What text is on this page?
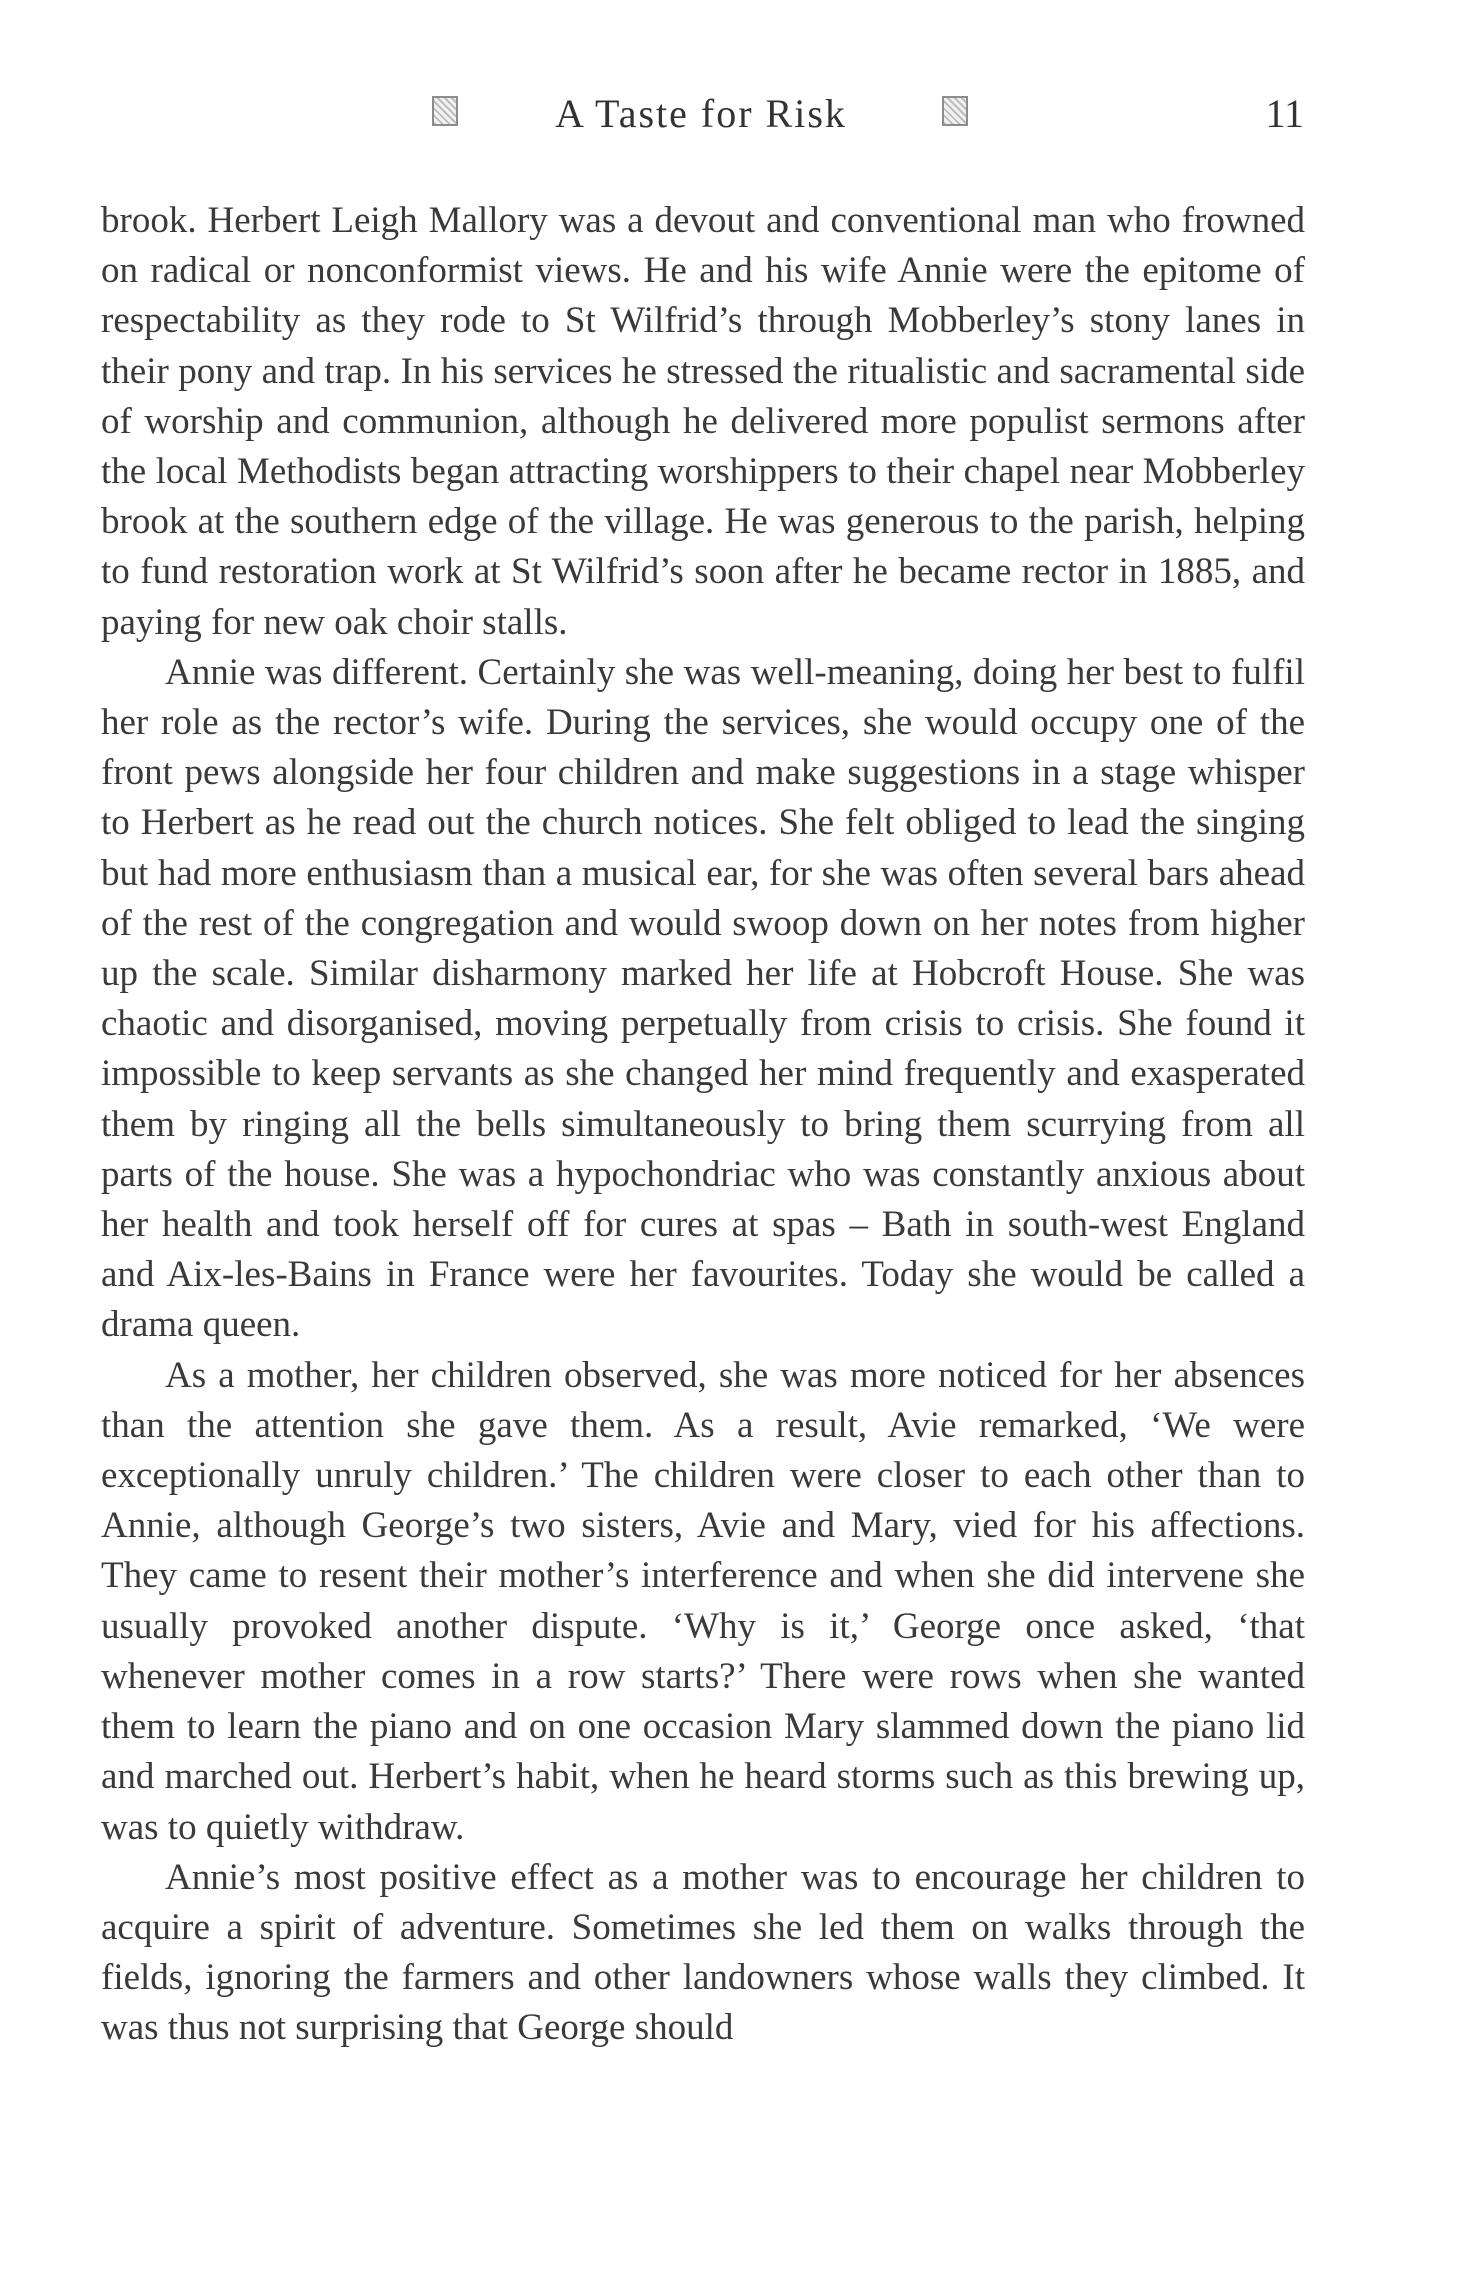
A Taste for Risk	11

brook. Herbert Leigh Mallory was a devout and conventional man who frowned on radical or nonconformist views. He and his wife Annie were the epitome of respectability as they rode to St Wilfrid’s through Mobberley’s stony lanes in their pony and trap. In his services he stressed the ritualistic and sacramental side of worship and communion, although he delivered more populist sermons after the local Methodists began attracting worshippers to their chapel near Mobberley brook at the southern edge of the village. He was generous to the parish, helping to fund restoration work at St Wilfrid’s soon after he became rector in 1885, and paying for new oak choir stalls.

Annie was different. Certainly she was well-meaning, doing her best to fulfil her role as the rector’s wife. During the services, she would occupy one of the front pews alongside her four children and make suggestions in a stage whisper to Herbert as he read out the church notices. She felt obliged to lead the singing but had more enthusiasm than a musical ear, for she was often several bars ahead of the rest of the congregation and would swoop down on her notes from higher up the scale. Similar disharmony marked her life at Hobcroft House. She was chaotic and disorganised, moving perpetually from crisis to crisis. She found it impossible to keep servants as she changed her mind frequently and exasperated them by ringing all the bells simultaneously to bring them scurrying from all parts of the house. She was a hypochondriac who was constantly anxious about her health and took herself off for cures at spas – Bath in south-west England and Aix-les-Bains in France were her favourites. Today she would be called a drama queen.

As a mother, her children observed, she was more noticed for her absences than the attention she gave them. As a result, Avie remarked, ‘We were exceptionally unruly children.’ The children were closer to each other than to Annie, although George’s two sisters, Avie and Mary, vied for his affections. They came to resent their mother’s interference and when she did intervene she usually provoked another dispute. ‘Why is it,’ George once asked, ‘that whenever mother comes in a row starts?’ There were rows when she wanted them to learn the piano and on one occasion Mary slammed down the piano lid and marched out. Herbert’s habit, when he heard storms such as this brewing up, was to quietly withdraw.

Annie’s most positive effect as a mother was to encourage her children to acquire a spirit of adventure. Sometimes she led them on walks through the fields, ignoring the farmers and other landowners whose walls they climbed. It was thus not surprising that George should
